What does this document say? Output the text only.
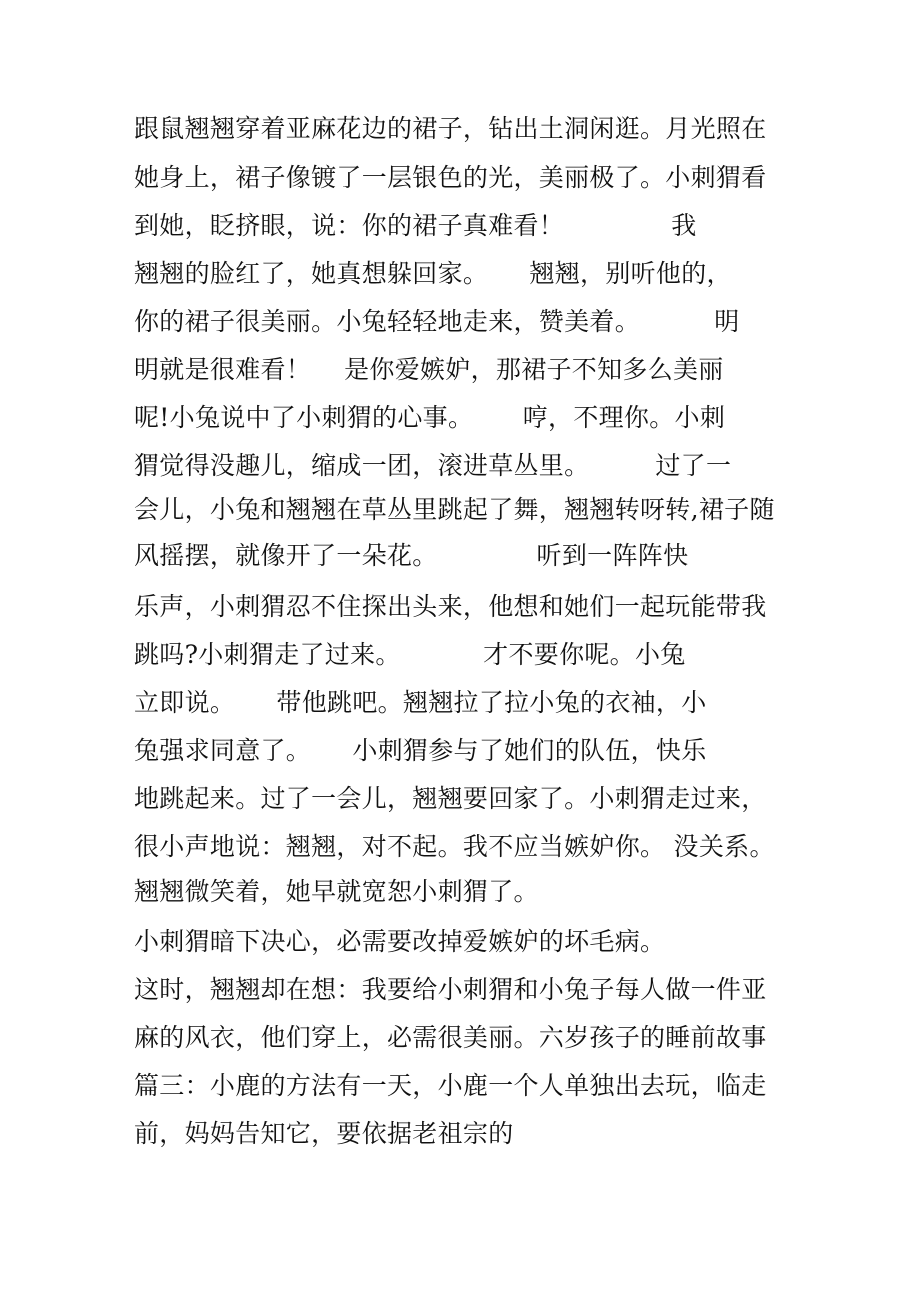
跟鼠翘翘穿着亚麻花边的裙子，钻出土洞闲逛。月光照在
她身上，裙子像镀了一层银色的光，美丽极了。小刺猬看
到她，眨挤眼，说：你的裙子真难看！             我
翘翘的脸红了，她真想躲回家。     翘翘，别听他的，
你的裙子很美丽。小兔轻轻地走来，赞美着。         明
明就是很难看！    是你爱嫉妒，那裙子不知多么美丽
呢!小兔说中了小刺猬的心事。      哼，不理你。小刺
猬觉得没趣儿，缩成一团，滚进草丛里。        过了一
会儿，小兔和翘翘在草丛里跳起了舞，翘翘转呀转,裙子随
风摇摆，就像开了一朵花。            听到一阵阵快
乐声，小刺猬忍不住探出头来，他想和她们一起玩能带我
跳吗?小刺猬走了过来。          才不要你呢。小兔
立即说。     带他跳吧。翘翘拉了拉小兔的衣袖，小
兔强求同意了。     小刺猬参与了她们的队伍，快乐
地跳起来。过了一会儿，翘翘要回家了。小刺猬走过来，
很小声地说：翘翘，对不起。我不应当嫉妒你。 没关系。
翘翘微笑着，她早就宽恕小刺猬了。
小刺猬暗下决心，必需要改掉爱嫉妒的坏毛病。
这时，翘翘却在想：我要给小刺猬和小兔子每人做一件亚
麻的风衣，他们穿上，必需很美丽。六岁孩子的睡前故事
篇三：小鹿的方法有一天，小鹿一个人单独出去玩，临走
前，妈妈告知它，要依据老祖宗的
